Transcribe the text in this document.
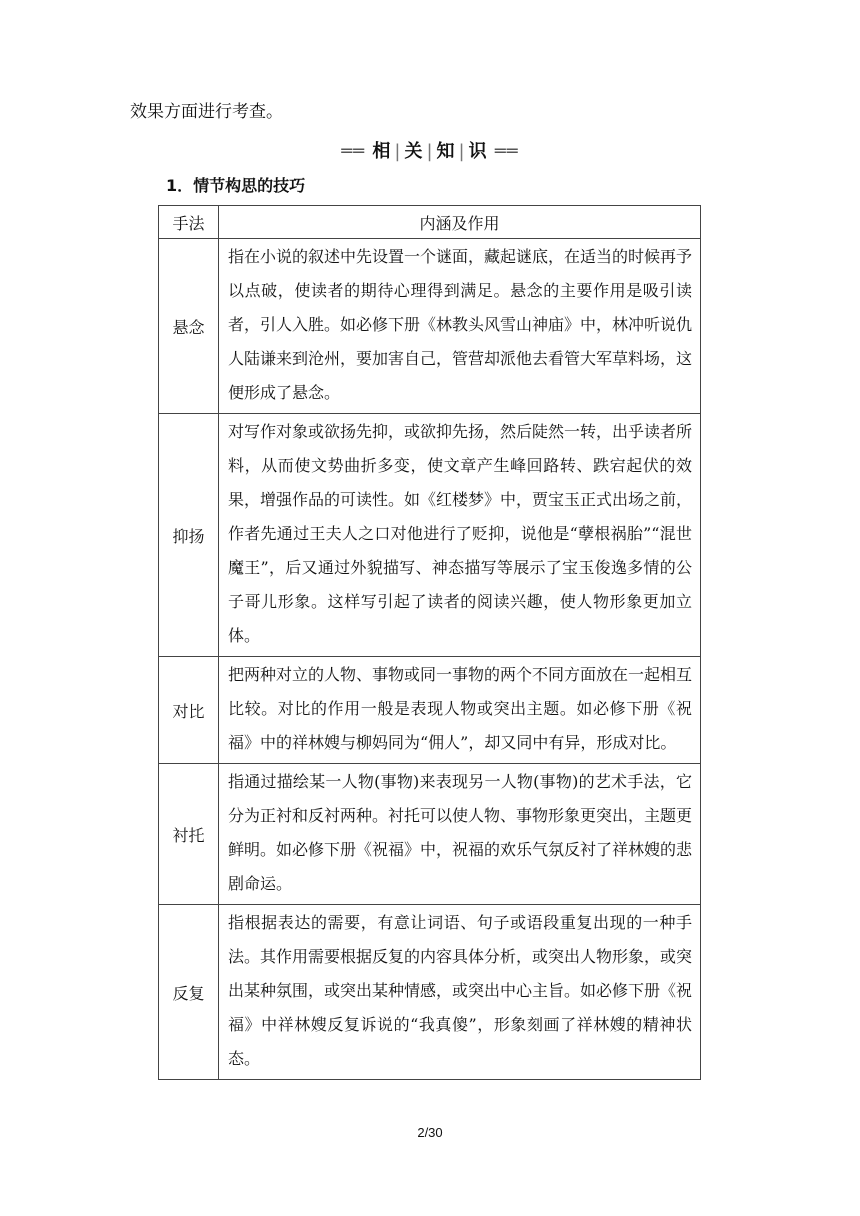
效果方面进行考查。
══ 相 | 关 | 知 | 识 ══
1．情节构思的技巧
手法	内涵及作用
悬念	指在小说的叙述中先设置一个谜面，藏起谜底，在适当的时候再予以点破，使读者的期待心理得到满足。悬念的主要作用是吸引读者，引人入胜。如必修下册《林教头风雪山神庙》中，林冲听说仇人陆谦来到沧州，要加害自己，管营却派他去看管大军草料场，这便形成了悬念。
抑扬	对写作对象或欲扬先抑，或欲抑先扬，然后陡然一转，出乎读者所料，从而使文势曲折多变，使文章产生峰回路转、跌宕起伏的效果，增强作品的可读性。如《红楼梦》中，贾宝玉正式出场之前，作者先通过王夫人之口对他进行了贬抑，说他是“孽根祸胎”“混世魔王”，后又通过外貌描写、神态描写等展示了宝玉俊逸多情的公子哥儿形象。这样写引起了读者的阅读兴趣，使人物形象更加立体。
对比	把两种对立的人物、事物或同一事物的两个不同方面放在一起相互比较。对比的作用一般是表现人物或突出主题。如必修下册《祝福》中的祥林嫂与柳妈同为“佣人”，却又同中有异，形成对比。
衬托	指通过描绘某一人物(事物)来表现另一人物(事物)的艺术手法，它分为正衬和反衬两种。衬托可以使人物、事物形象更突出，主题更鲜明。如必修下册《祝福》中，祝福的欢乐气氛反衬了祥林嫂的悲剧命运。
反复	指根据表达的需要，有意让词语、句子或语段重复出现的一种手法。其作用需要根据反复的内容具体分析，或突出人物形象，或突出某种氛围，或突出某种情感，或突出中心主旨。如必修下册《祝福》中祥林嫂反复诉说的“我真傻”，形象刻画了祥林嫂的精神状态。
2/30
